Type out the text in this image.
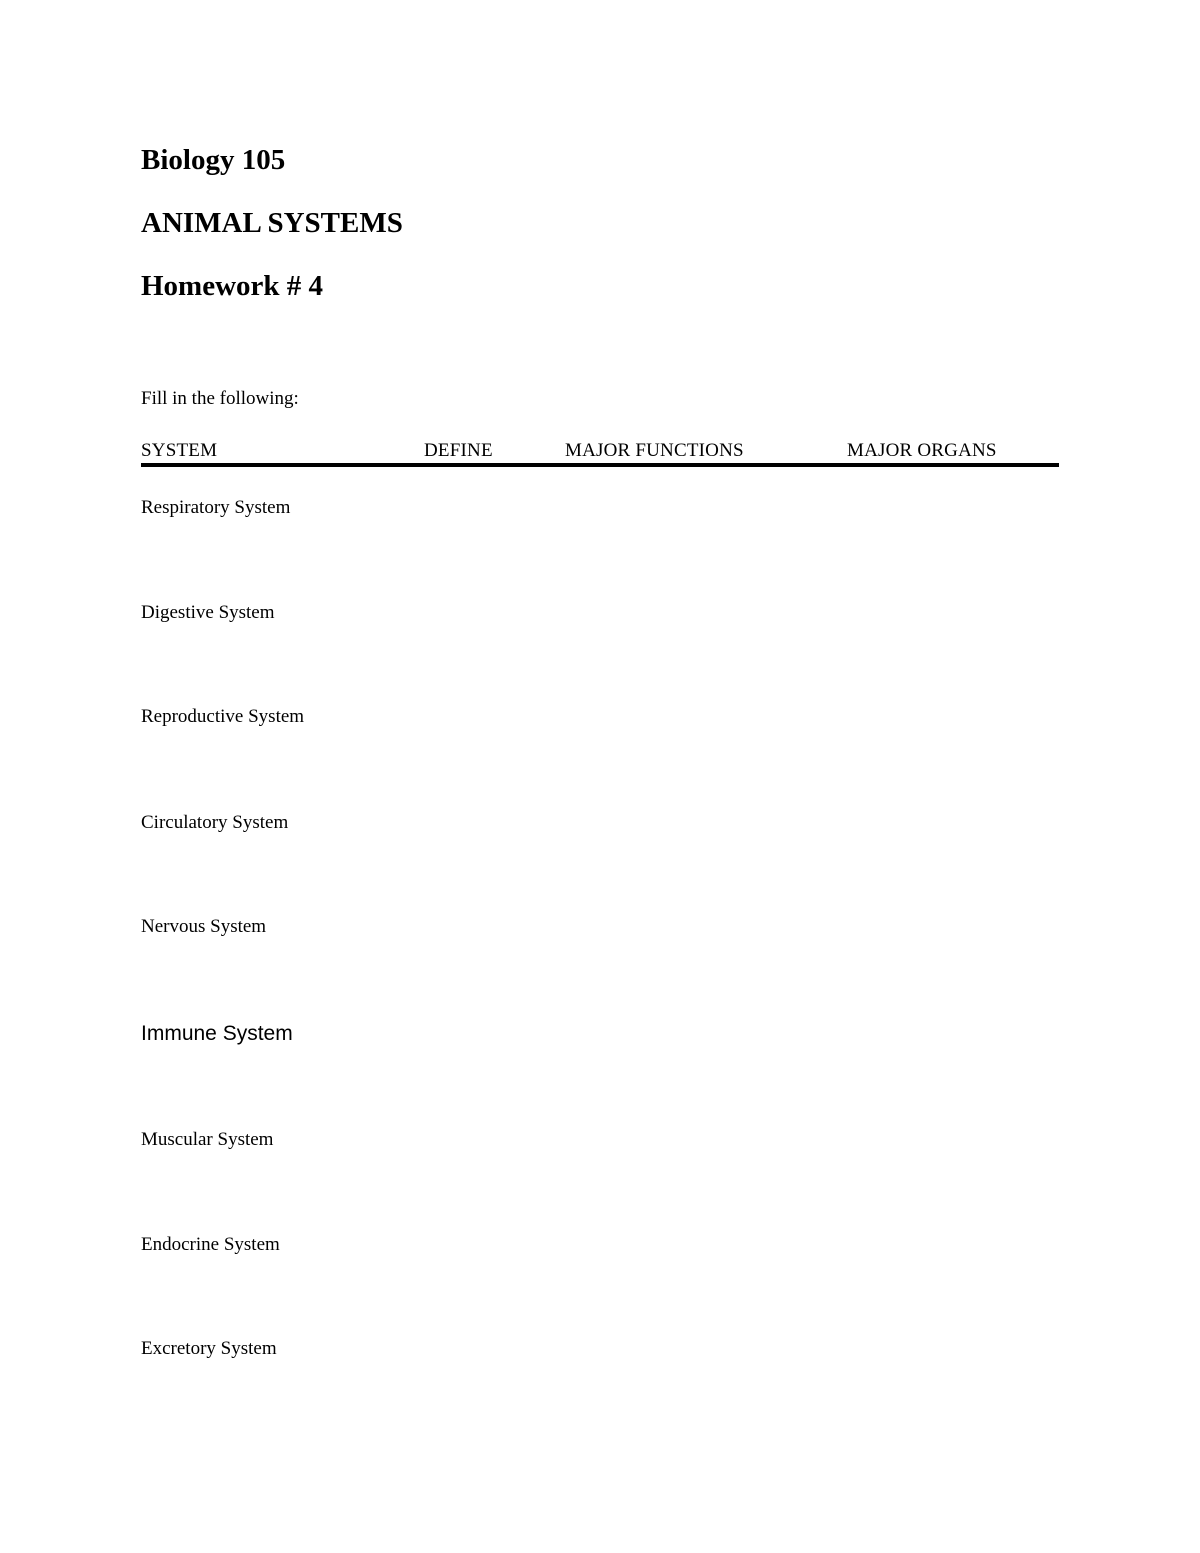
Biology 105
ANIMAL SYSTEMS
Homework # 4
Fill in the following:
SYSTEM	DEFINE	MAJOR FUNCTIONS	MAJOR ORGANS
Respiratory System
Digestive System
Reproductive System
Circulatory System
Nervous System
Immune System
Muscular System
Endocrine System
Excretory System
